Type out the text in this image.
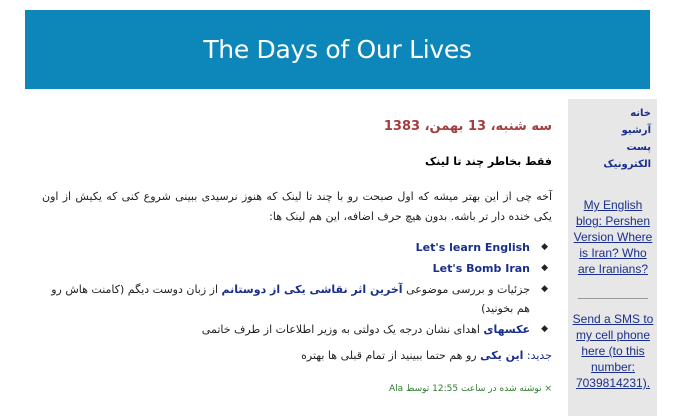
The Days of Our Lives
سه شنبه، 13 بهمن، 1383
فقط بخاطر چند تا لینک
آخه چی از این بهتر میشه که اول صبحت رو با چند تا لینک که هنوز نرسیدی ببینی شروع کنی که یکیش از اون یکی خنده دار تر باشه. بدون هیچ حرف اضافه، این هم لینک ها:
◆
Let's learn English
◆
Let's Bomb Iran
◆
جزئیات و بررسی موضوعی آخرین اثر نقاشی یکی از دوستانم از زبان دوست دیگم (کامنت هاش رو هم بخونید)
◆
عکسهای اهدای نشان درجه یک دولتی به وزیر اطلاعات از طرف خاتمی
جدید: این یکی رو هم حتما ببینید از تمام قبلی ها بهتره
× نوشته شده در ساعت 12:55 توسط Ala
خانه
آرشیو
پست
الکترونیک
My English blog: Pershen Version Where is Iran? Who are Iranians?
Send a SMS to my cell phone here (to this number: 7039814231).
